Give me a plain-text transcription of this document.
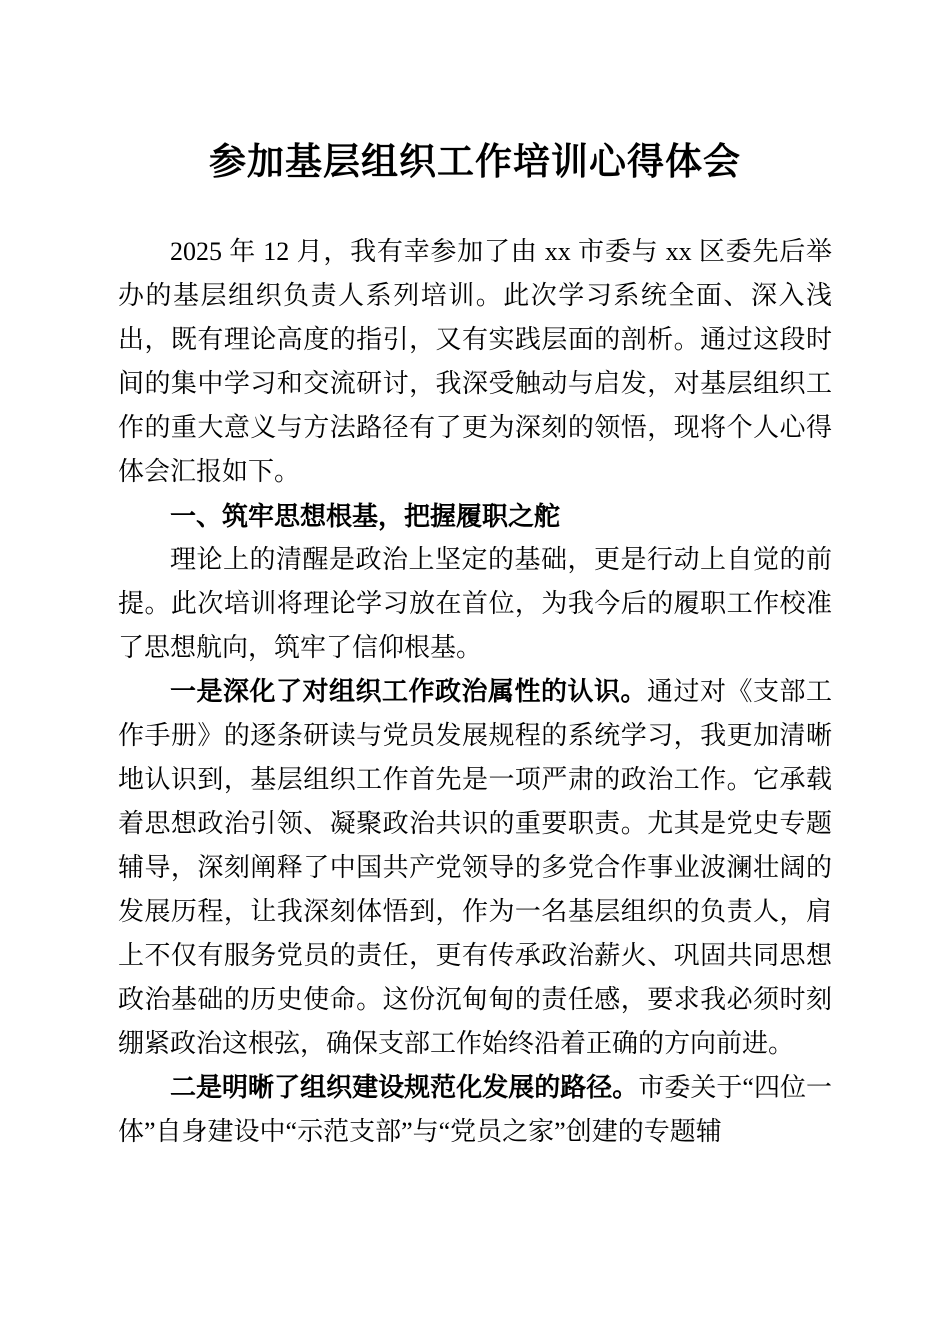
参加基层组织工作培训心得体会

2025 年 12 月，我有幸参加了由 xx 市委与 xx 区委先后举办的基层组织负责人系列培训。此次学习系统全面、深入浅出，既有理论高度的指引，又有实践层面的剖析。通过这段时间的集中学习和交流研讨，我深受触动与启发，对基层组织工作的重大意义与方法路径有了更为深刻的领悟，现将个人心得体会汇报如下。

一、筑牢思想根基，把握履职之舵

理论上的清醒是政治上坚定的基础，更是行动上自觉的前提。此次培训将理论学习放在首位，为我今后的履职工作校准了思想航向，筑牢了信仰根基。

一是深化了对组织工作政治属性的认识。通过对《支部工作手册》的逐条研读与党员发展规程的系统学习，我更加清晰地认识到，基层组织工作首先是一项严肃的政治工作。它承载着思想政治引领、凝聚政治共识的重要职责。尤其是党史专题辅导，深刻阐释了中国共产党领导的多党合作事业波澜壮阔的发展历程，让我深刻体悟到，作为一名基层组织的负责人，肩上不仅有服务党员的责任，更有传承政治薪火、巩固共同思想政治基础的历史使命。这份沉甸甸的责任感，要求我必须时刻绷紧政治这根弦，确保支部工作始终沿着正确的方向前进。

二是明晰了组织建设规范化发展的路径。市委关于“四位一体”自身建设中“示范支部”与“党员之家”创建的专题辅
